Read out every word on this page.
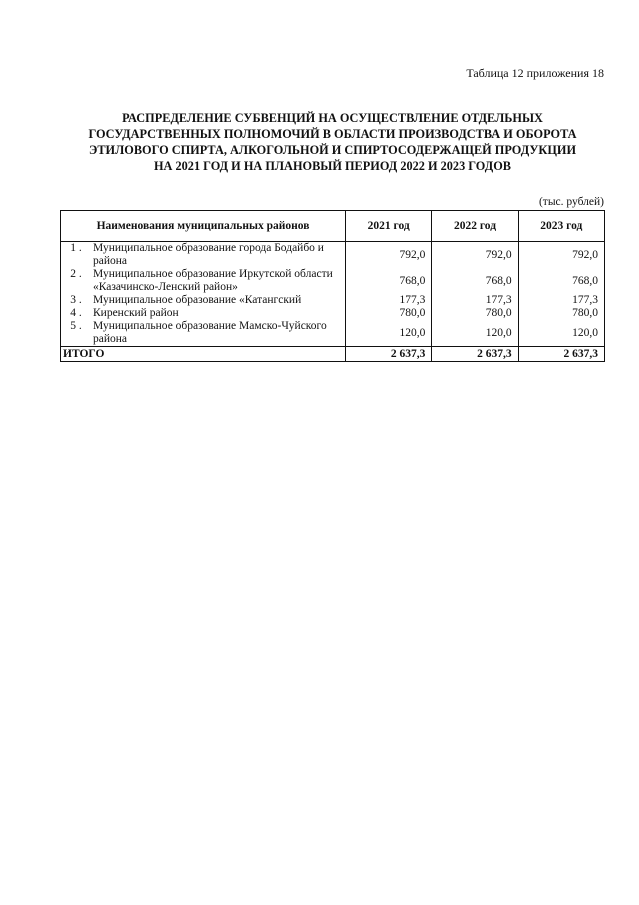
Таблица 12 приложения 18
РАСПРЕДЕЛЕНИЕ СУБВЕНЦИЙ НА ОСУЩЕСТВЛЕНИЕ ОТДЕЛЬНЫХ
ГОСУДАРСТВЕННЫХ ПОЛНОМОЧИЙ В ОБЛАСТИ ПРОИЗВОДСТВА И ОБОРОТА
ЭТИЛОВОГО СПИРТА, АЛКОГОЛЬНОЙ И СПИРТОСОДЕРЖАЩЕЙ ПРОДУКЦИИ
НА 2021 ГОД И НА ПЛАНОВЫЙ ПЕРИОД 2022 И 2023 ГОДОВ
(тыс. рублей)
Наименования муниципальных районов		2021 год	2022 год	2023 год
1 .	Муниципальное образование города Бодайбо и района	792,0	792,0	792,0
2 .	Муниципальное образование Иркутской области «Казачинско-Ленский район»	768,0	768,0	768,0
3 .	Муниципальное образование «Катангский	177,3	177,3	177,3
4 .	Киренский район	780,0	780,0	780,0
5 .	Муниципальное образование Мамско-Чуйского района	120,0	120,0	120,0
ИТОГО		2 637,3	2 637,3	2 637,3
